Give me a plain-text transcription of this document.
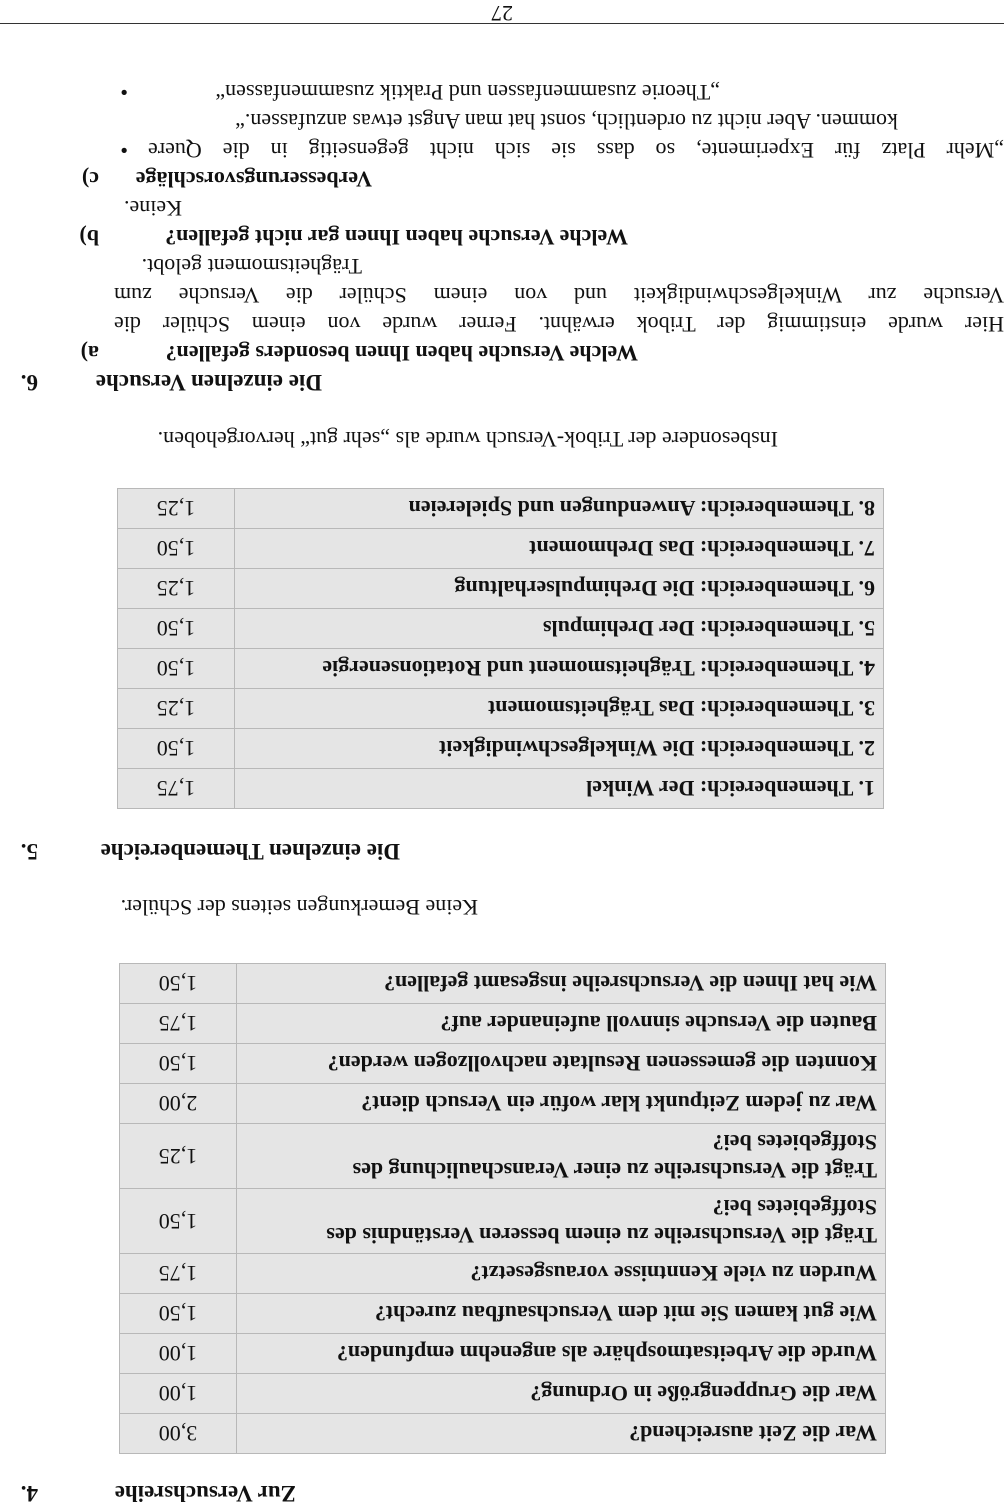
27
4.	Zur Versuchsreihe
War die Zeit ausreichend?	3,00
War die Gruppengröße in Ordnung?	1,00
Wurde die Arbeitsatmosphäre als angenehm empfunden?	1,00
Wie gut kamen Sie mit dem Versuchsaufbau zurecht?	1,50
Wurden zu viele Kenntnisse vorausgesetzt?	1,75
Trägt die Versuchsreihe zu einem besseren Verständnis des Stoffgebietes bei?	1,50
Trägt die Versuchsreihe zu einer Veranschaulichung des Stoffgebietes bei?	1,25
War zu jedem Zeitpunkt klar wofür ein Versuch dient?	2,00
Konnten die gemessenen Resultate nachvollzogen werden?	1,50
Bauten die Versuche sinnvoll aufeinander auf?	1,75
Wie hat Ihnen die Versuchsreihe insgesamt gefallen?	1,50
Keine Bemerkungen seitens der Schüler.
5.	Die einzelnen Themenbereiche
1. Themenbereich: Der Winkel	1,75
2. Themenbereich: Die Winkelgeschwindigkeit	1,50
3. Themenbereich: Das Trägheitsmoment	1,25
4. Themenbereich: Trägheitsmoment und Rotationsenergie	1,50
5. Themenbereich: Der Drehimpuls	1,50
6. Themenbereich: Die Drehimpulserhaltung	1,25
7. Themenbereich: Das Drehmoment	1,50
8. Themenbereich: Anwendungen und Spielereien	1,25
Insbesondere der Tribok-Versuch wurde als „sehr gut“ hervorgehoben.
6.	Die einzelnen Versuche
a)	Welche Versuche haben Ihnen besonders gefallen?
Hier wurde einstimmig der Tribok erwähnt. Ferner wurde von einem Schüler die
Versuche zur Winkelgeschwindigkeit und von einem Schüler die Versuche zum
Trägheitsmoment gelobt.
b)	Welche Versuche haben Ihnen gar nicht gefallen?
Keine.
c) Verbesserungsvorschläge
• „Mehr Platz für Experimente, so dass sie sich nicht gegenseitig in die Quere
kommen. Aber nicht zu ordentlich, sonst hat man Angst etwas anzufassen.“
•	„Theorie zusammenfassen und Praktik zusammenfassen“
